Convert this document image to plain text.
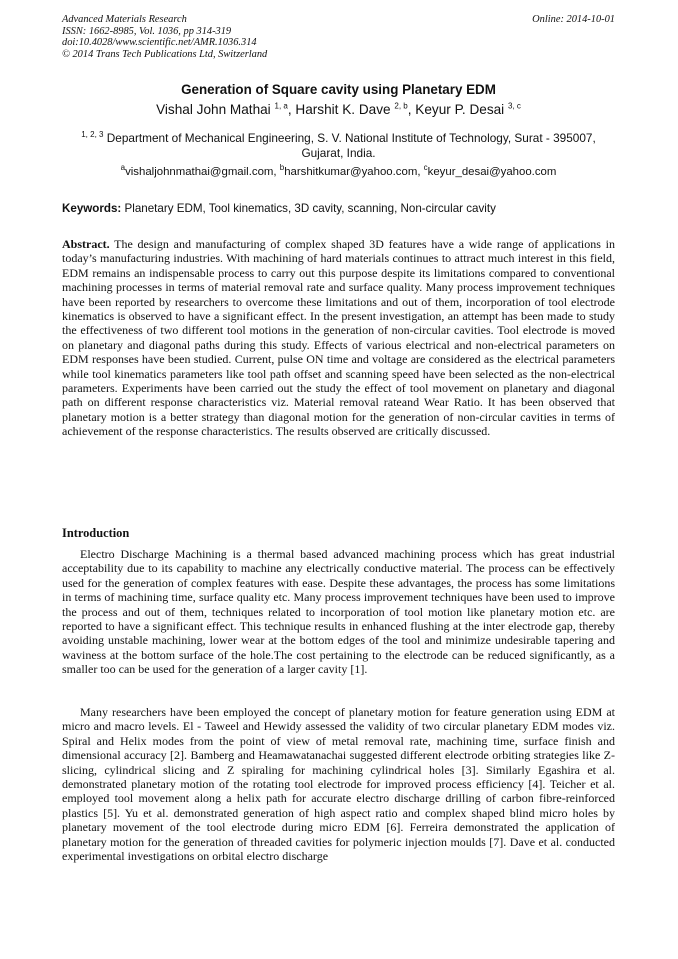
Advanced Materials Research
ISSN: 1662-8985, Vol. 1036, pp 314-319
doi:10.4028/www.scientific.net/AMR.1036.314
© 2014 Trans Tech Publications Ltd, Switzerland
Online: 2014-10-01
Generation of Square cavity using Planetary EDM
Vishal John Mathai $^{1, a}$, Harshit K. Dave $^{2, b}$, Keyur P. Desai $^{3, c}$
$^{1, 2, 3}$ Department of Mechanical Engineering, S. V. National Institute of Technology, Surat - 395007, Gujarat, India.
$^a$vishaljohnmathai@gmail.com, $^b$harshitkumar@yahoo.com, $^c$keyur_desai@yahoo.com
Keywords: Planetary EDM, Tool kinematics, 3D cavity, scanning, Non-circular cavity

Abstract. The design and manufacturing of complex shaped 3D features have a wide range of applications in today’s manufacturing industries. With machining of hard materials continues to attract much interest in this field, EDM remains an indispensable process to carry out this purpose despite its limitations compared to conventional machining processes in terms of material removal rate and surface quality. Many process improvement techniques have been reported by researchers to overcome these limitations and out of them, incorporation of tool electrode kinematics is observed to have a significant effect. In the present investigation, an attempt has been made to study the effectiveness of two different tool motions in the generation of non-circular cavities. Tool electrode is moved on planetary and diagonal paths during this study. Effects of various electrical and non-electrical parameters on EDM responses have been studied. Current, pulse ON time and voltage are considered as the electrical parameters while tool kinematics parameters like tool path offset and scanning speed have been selected as the non-electrical parameters. Experiments have been carried out the study the effect of tool movement on planetary and diagonal path on different response characteristics viz. Material removal rateand Wear Ratio. It has been observed that planetary motion is a better strategy than diagonal motion for the generation of non-circular cavities in terms of achievement of the response characteristics. The results observed are critically discussed.

Introduction

Electro Discharge Machining is a thermal based advanced machining process which has great industrial acceptability due to its capability to machine any electrically conductive material. The process can be effectively used for the generation of complex features with ease. Despite these advantages, the process has some limitations in terms of machining time, surface quality etc. Many process improvement techniques have been used to improve the process and out of them, techniques related to incorporation of tool motion like planetary motion etc. are reported to have a significant effect. This technique results in enhanced flushing at the inter electrode gap, thereby avoiding unstable machining, lower wear at the bottom edges of the tool and minimize undesirable tapering and waviness at the bottom surface of the hole.The cost pertaining to the electrode can be reduced significantly, as a smaller too can be used for the generation of a larger cavity [1].

Many researchers have been employed the concept of planetary motion for feature generation using EDM at micro and macro levels. El - Taweel and Hewidy assessed the validity of two circular planetary EDM modes viz. Spiral and Helix modes from the point of view of metal removal rate, machining time, surface finish and dimensional accuracy [2]. Bamberg and Heamawatanachai suggested different electrode orbiting strategies like Z-slicing, cylindrical slicing and Z spiraling for machining cylindrical holes [3]. Similarly Egashira et al. demonstrated planetary motion of the rotating tool electrode for improved process efficiency [4]. Teicher et al. employed tool movement along a helix path for accurate electro discharge drilling of carbon fibre-reinforced plastics [5]. Yu et al. demonstrated generation of high aspect ratio and complex shaped blind micro holes by planetary movement of the tool electrode during micro EDM [6]. Ferreira demonstrated the application of planetary motion for the generation of threaded cavities for polymeric injection moulds [7]. Dave et al. conducted experimental investigations on orbital electro discharge
